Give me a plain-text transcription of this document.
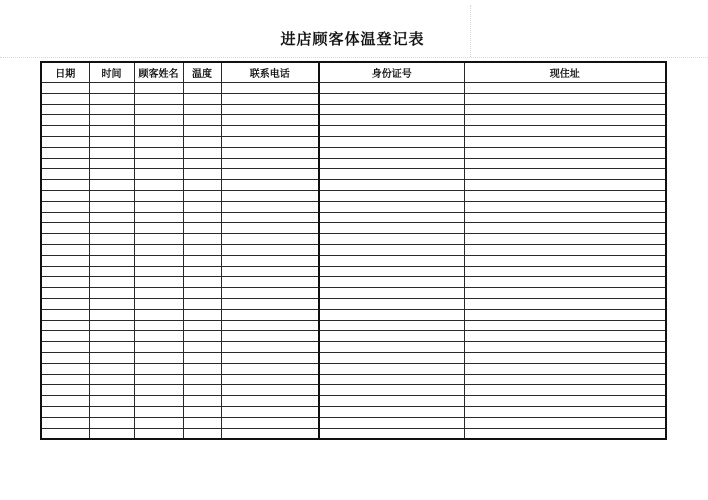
进店顾客体温登记表
日期	时间	顾客姓名	温度	联系电话	身份证号	现住址
